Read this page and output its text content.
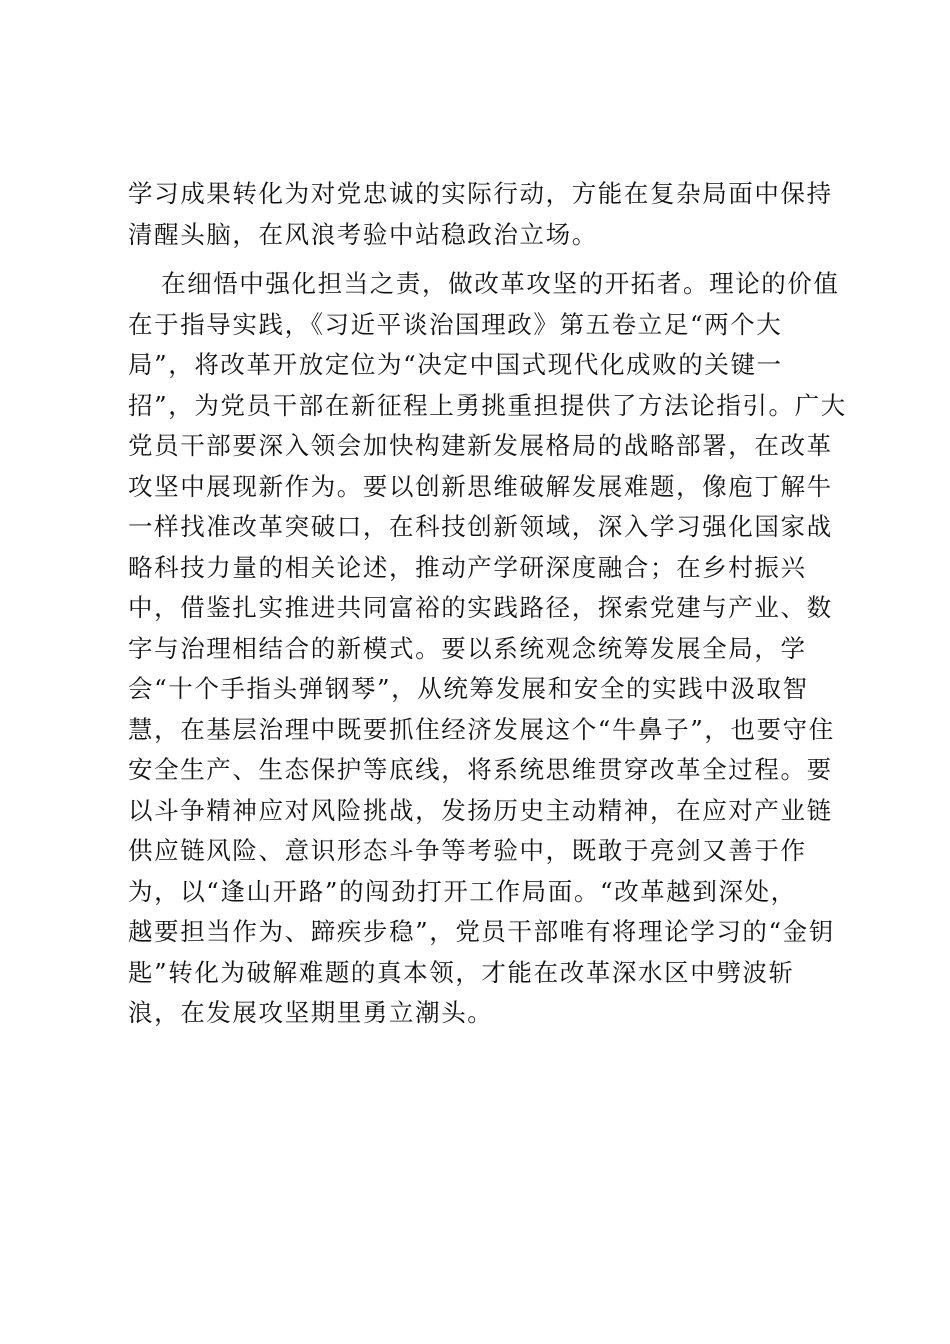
学习成果转化为对党忠诚的实际行动，方能在复杂局面中保持
清醒头脑，在风浪考验中站稳政治立场。
在细悟中强化担当之责，做改革攻坚的开拓者。理论的价值
在于指导实践，《习近平谈治国理政》第五卷立足“两个大
局”，将改革开放定位为“决定中国式现代化成败的关键一
招”，为党员干部在新征程上勇挑重担提供了方法论指引。广大
党员干部要深入领会加快构建新发展格局的战略部署，在改革
攻坚中展现新作为。要以创新思维破解发展难题，像庖丁解牛
一样找准改革突破口，在科技创新领域，深入学习强化国家战
略科技力量的相关论述，推动产学研深度融合；在乡村振兴
中，借鉴扎实推进共同富裕的实践路径，探索党建与产业、数
字与治理相结合的新模式。要以系统观念统筹发展全局，学
会“十个手指头弹钢琴”，从统筹发展和安全的实践中汲取智
慧，在基层治理中既要抓住经济发展这个“牛鼻子”，也要守住
安全生产、生态保护等底线，将系统思维贯穿改革全过程。要
以斗争精神应对风险挑战，发扬历史主动精神，在应对产业链
供应链风险、意识形态斗争等考验中，既敢于亮剑又善于作
为，以“逢山开路”的闯劲打开工作局面。“改革越到深处，
越要担当作为、蹄疾步稳”，党员干部唯有将理论学习的“金钥
匙”转化为破解难题的真本领，才能在改革深水区中劈波斩
浪，在发展攻坚期里勇立潮头。
